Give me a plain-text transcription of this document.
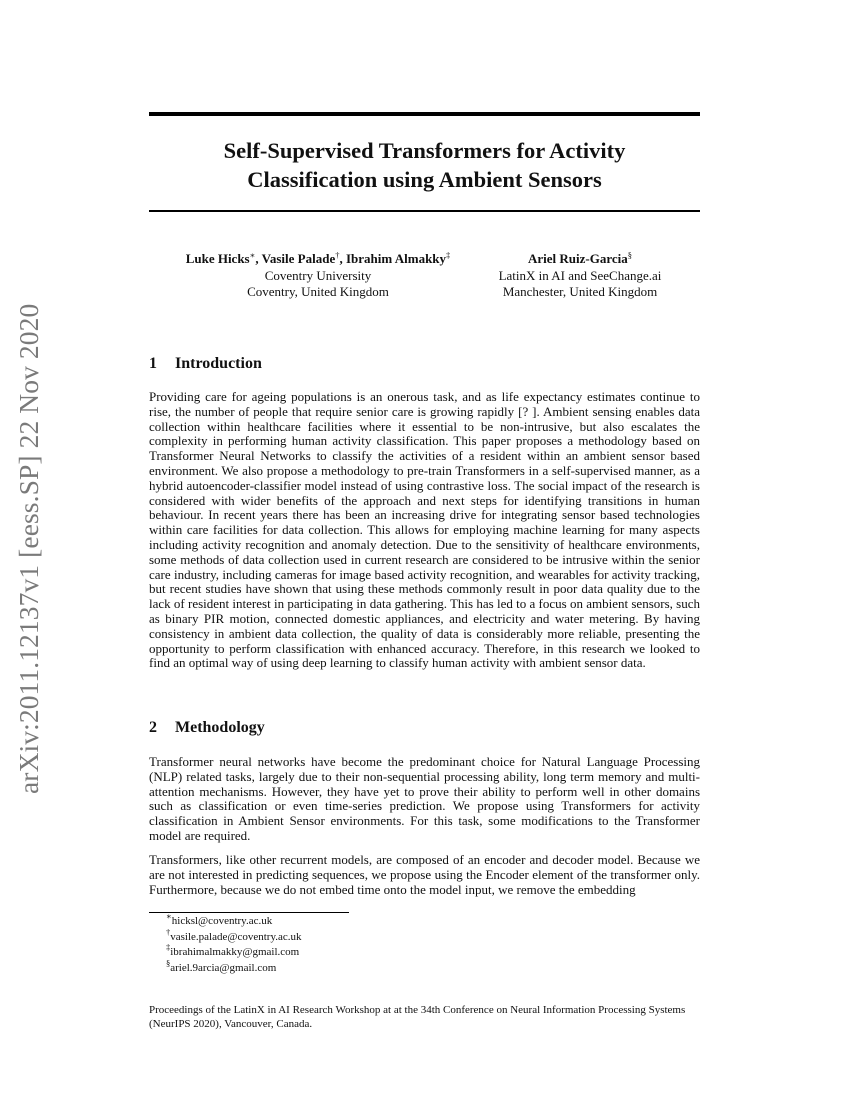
arXiv:2011.12137v1 [eess.SP] 22 Nov 2020
Self-Supervised Transformers for Activity
Classification using Ambient Sensors
Luke Hicks∗, Vasile Palade†, Ibrahim Almakky‡
Coventry University
Coventry, United Kingdom
Ariel Ruiz-Garcia§
LatinX in AI and SeeChange.ai
Manchester, United Kingdom
1 Introduction
Providing care for ageing populations is an onerous task, and as life expectancy estimates continue to rise, the number of people that require senior care is growing rapidly [? ]. Ambient sensing enables data collection within healthcare facilities where it essential to be non-intrusive, but also escalates the complexity in performing human activity classification. This paper proposes a methodology based on Transformer Neural Networks to classify the activities of a resident within an ambient sensor based environment. We also propose a methodology to pre-train Transformers in a self-supervised manner, as a hybrid autoencoder-classifier model instead of using contrastive loss. The social impact of the research is considered with wider benefits of the approach and next steps for identifying transitions in human behaviour. In recent years there has been an increasing drive for integrating sensor based technologies within care facilities for data collection. This allows for employing machine learning for many aspects including activity recognition and anomaly detection. Due to the sensitivity of healthcare environments, some methods of data collection used in current research are considered to be intrusive within the senior care industry, including cameras for image based activity recognition, and wearables for activity tracking, but recent studies have shown that using these methods commonly result in poor data quality due to the lack of resident interest in participating in data gathering. This has led to a focus on ambient sensors, such as binary PIR motion, connected domestic appliances, and electricity and water metering. By having consistency in ambient data collection, the quality of data is considerably more reliable, presenting the opportunity to perform classification with enhanced accuracy. Therefore, in this research we looked to find an optimal way of using deep learning to classify human activity with ambient sensor data.
2 Methodology
Transformer neural networks have become the predominant choice for Natural Language Processing (NLP) related tasks, largely due to their non-sequential processing ability, long term memory and multi-attention mechanisms. However, they have yet to prove their ability to perform well in other domains such as classification or even time-series prediction. We propose using Transformers for activity classification in Ambient Sensor environments. For this task, some modifications to the Transformer model are required.
Transformers, like other recurrent models, are composed of an encoder and decoder model. Because we are not interested in predicting sequences, we propose using the Encoder element of the transformer only. Furthermore, because we do not embed time onto the model input, we remove the embedding
∗hicksl@coventry.ac.uk
†vasile.palade@coventry.ac.uk
‡ibrahimalmakky@gmail.com
§ariel.9arcia@gmail.com
Proceedings of the LatinX in AI Research Workshop at at the 34th Conference on Neural Information Processing Systems (NeurIPS 2020), Vancouver, Canada.
